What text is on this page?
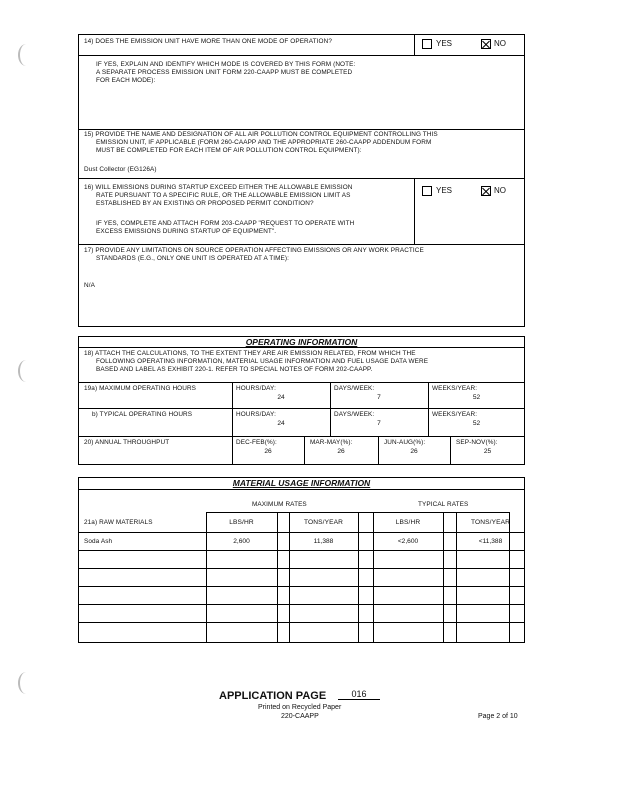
14) DOES THE EMISSION UNIT HAVE MORE THAN ONE MODE OF OPERATION?	YES	NO
IF YES, EXPLAIN AND IDENTIFY WHICH MODE IS COVERED BY THIS FORM (NOTE:
A SEPARATE PROCESS EMISSION UNIT FORM 220-CAAPP MUST BE COMPLETED
FOR EACH MODE):
15) PROVIDE THE NAME AND DESIGNATION OF ALL AIR POLLUTION CONTROL EQUIPMENT CONTROLLING THIS
EMISSION UNIT, IF APPLICABLE (FORM 260-CAAPP AND THE APPROPRIATE 260-CAAPP ADDENDUM FORM
MUST BE COMPLETED FOR EACH ITEM OF AIR POLLUTION CONTROL EQUIPMENT):
Dust Collector (EG126A)
16) WILL EMISSIONS DURING STARTUP EXCEED EITHER THE ALLOWABLE EMISSION
RATE PURSUANT TO A SPECIFIC RULE, OR THE ALLOWABLE EMISSION LIMIT AS
ESTABLISHED BY AN EXISTING OR PROPOSED PERMIT CONDITION?
IF YES, COMPLETE AND ATTACH FORM 203-CAAPP "REQUEST TO OPERATE WITH
EXCESS EMISSIONS DURING STARTUP OF EQUIPMENT".
YES	NO
17) PROVIDE ANY LIMITATIONS ON SOURCE OPERATION AFFECTING EMISSIONS OR ANY WORK PRACTICE
STANDARDS (E.G., ONLY ONE UNIT IS OPERATED AT A TIME):
N/A
OPERATING INFORMATION
18) ATTACH THE CALCULATIONS, TO THE EXTENT THEY ARE AIR EMISSION RELATED, FROM WHICH THE
FOLLOWING OPERATING INFORMATION, MATERIAL USAGE INFORMATION AND FUEL USAGE DATA WERE
BASED AND LABEL AS EXHIBIT 220-1. REFER TO SPECIAL NOTES OF FORM 202-CAAPP.
19a) MAXIMUM OPERATING HOURS	HOURS/DAY:	DAYS/WEEK:	WEEKS/YEAR:
24	7	52
b) TYPICAL OPERATING HOURS	HOURS/DAY:	DAYS/WEEK:	WEEKS/YEAR:
24	7	52
20) ANNUAL THROUGHPUT	DEC-FEB(%):	MAR-MAY(%):	JUN-AUG(%):	SEP-NOV(%):
26	26	26	25
MATERIAL USAGE INFORMATION
MAXIMUM RATES	TYPICAL RATES
21a) RAW MATERIALS	LBS/HR	TONS/YEAR	LBS/HR	TONS/YEAR
Soda Ash	2,600	11,388	<2,600	<11,388
APPLICATION PAGE	016
Printed on Recycled Paper
220-CAAPP	Page 2 of 10
